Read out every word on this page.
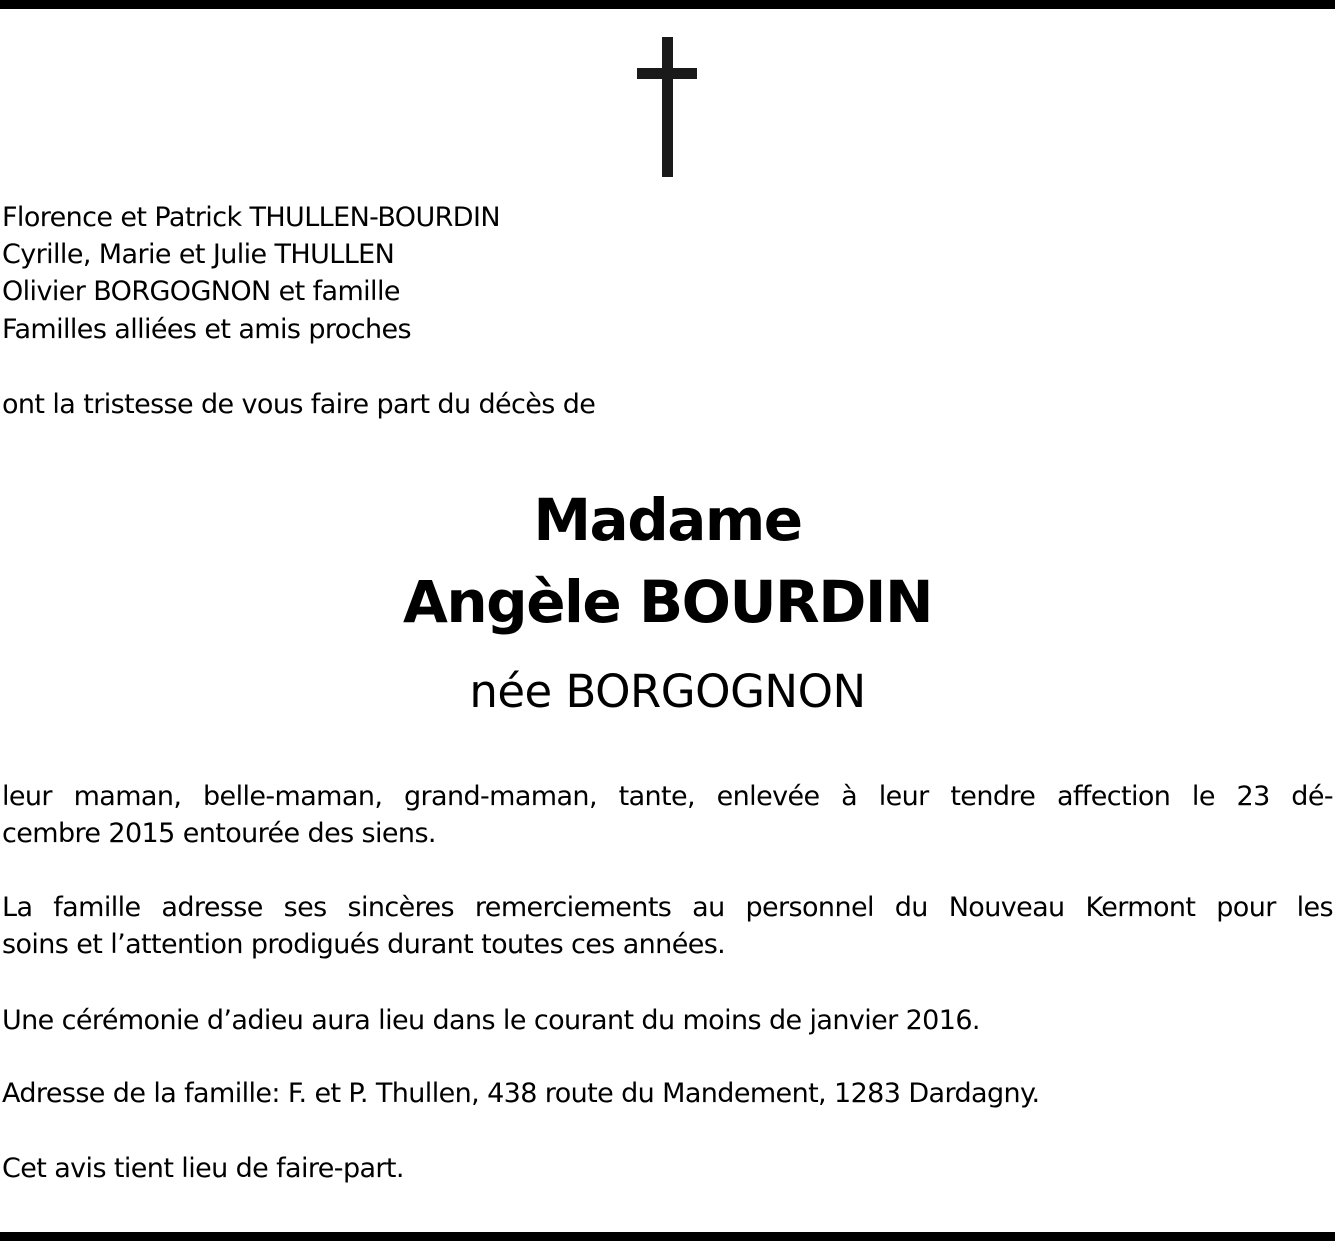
Florence et Patrick THULLEN-BOURDIN

Cyrille, Marie et Julie THULLEN

Olivier BORGOGNON et famille

Familles alliées et amis proches

ont la tristesse de vous faire part du décès de

Madame

Angèle BOURDIN

née BORGOGNON

leur maman, belle-maman, grand-maman, tante, enlevée à leur tendre affection le 23 dé-
cembre 2015 entourée des siens.
La famille adresse ses sincères remerciements au personnel du Nouveau Kermont pour les
soins et l’attention prodigués durant toutes ces années.

Une cérémonie d’adieu aura lieu dans le courant du moins de janvier 2016.

Adresse de la famille: F. et P. Thullen, 438 route du Mandement, 1283 Dardagny.

Cet avis tient lieu de faire-part.
